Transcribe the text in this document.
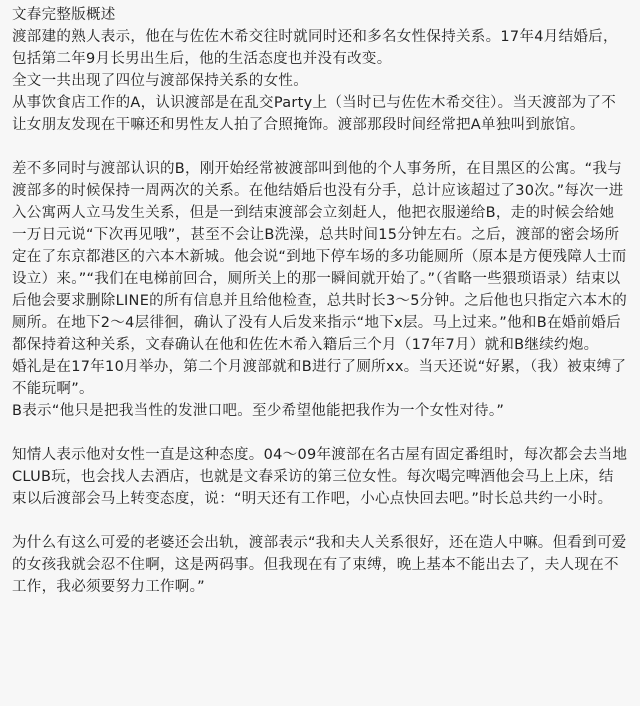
文春完整版概述

渡部建的熟人表示，他在与佐佐木希交往时就同时还和多名女性保持关系。17年4月结婚后，包括第二年9月长男出生后，他的生活态度也并没有改变。

全文一共出现了四位与渡部保持关系的女性。

从事饮食店工作的A，认识渡部是在乱交Party上（当时已与佐佐木希交往）。当天渡部为了不让女朋友发现在干嘛还和男性友人拍了合照掩饰。渡部那段时间经常把A单独叫到旅馆。

差不多同时与渡部认识的B，刚开始经常被渡部叫到他的个人事务所，在目黑区的公寓。“我与渡部多的时候保持一周两次的关系。在他结婚后也没有分手，总计应该超过了30次。”每次一进入公寓两人立马发生关系，但是一到结束渡部会立刻赶人，他把衣服递给B，走的时候会给她一万日元说“下次再见哦”，甚至不会让B洗澡，总共时间15分钟左右。之后，渡部的密会场所定在了东京都港区的六本木新城。他会说“到地下停车场的多功能厕所（原本是方便残障人士而设立）来。”“我们在电梯前回合，厕所关上的那一瞬间就开始了。”（省略一些猥琐语录）结束以后他会要求删除LINE的所有信息并且给他检查，总共时长3～5分钟。之后他也只指定六本木的厕所。在地下2～4层徘徊，确认了没有人后发来指示“地下x层。马上过来。”他和B在婚前婚后都保持着这种关系，文春确认在他和佐佐木希入籍后三个月（17年7月）就和B继续约炮。

婚礼是在17年10月举办，第二个月渡部就和B进行了厕所xx。当天还说“好累，（我）被束缚了不能玩啊”。

B表示“他只是把我当性的发泄口吧。至少希望他能把我作为一个女性对待。”

知情人表示他对女性一直是这种态度。04～09年渡部在名古屋有固定番组时，每次都会去当地CLUB玩，也会找人去酒店，也就是文春采访的第三位女性。每次喝完啤酒他会马上上床，结束以后渡部会马上转变态度，说：“明天还有工作吧，小心点快回去吧。”时长总共约一小时。

为什么有这么可爱的老婆还会出轨，渡部表示“我和夫人关系很好，还在造人中嘛。但看到可爱的女孩我就会忍不住啊，这是两码事。但我现在有了束缚，晚上基本不能出去了，夫人现在不工作，我必须要努力工作啊。”
